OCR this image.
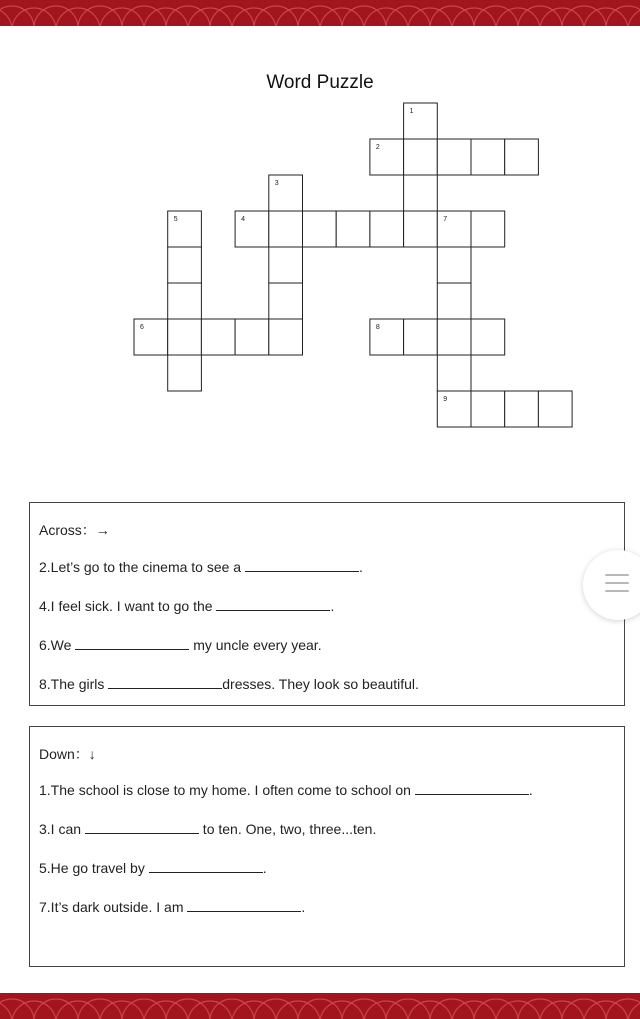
Word Puzzle
2
4
6	8
9
1
3
5	7
Across：→
2.Let’s go to the cinema to see a	.
4.I feel sick. I want to go the	.
6.We	my uncle every year.
8.The girls	dresses. They look so beautiful.
Down：↓
1.The school is close to my home. I often come to school on	.
3.I can	to ten. One, two, three...ten.
5.He go travel by	.
7.It’s dark outside. I am	.
